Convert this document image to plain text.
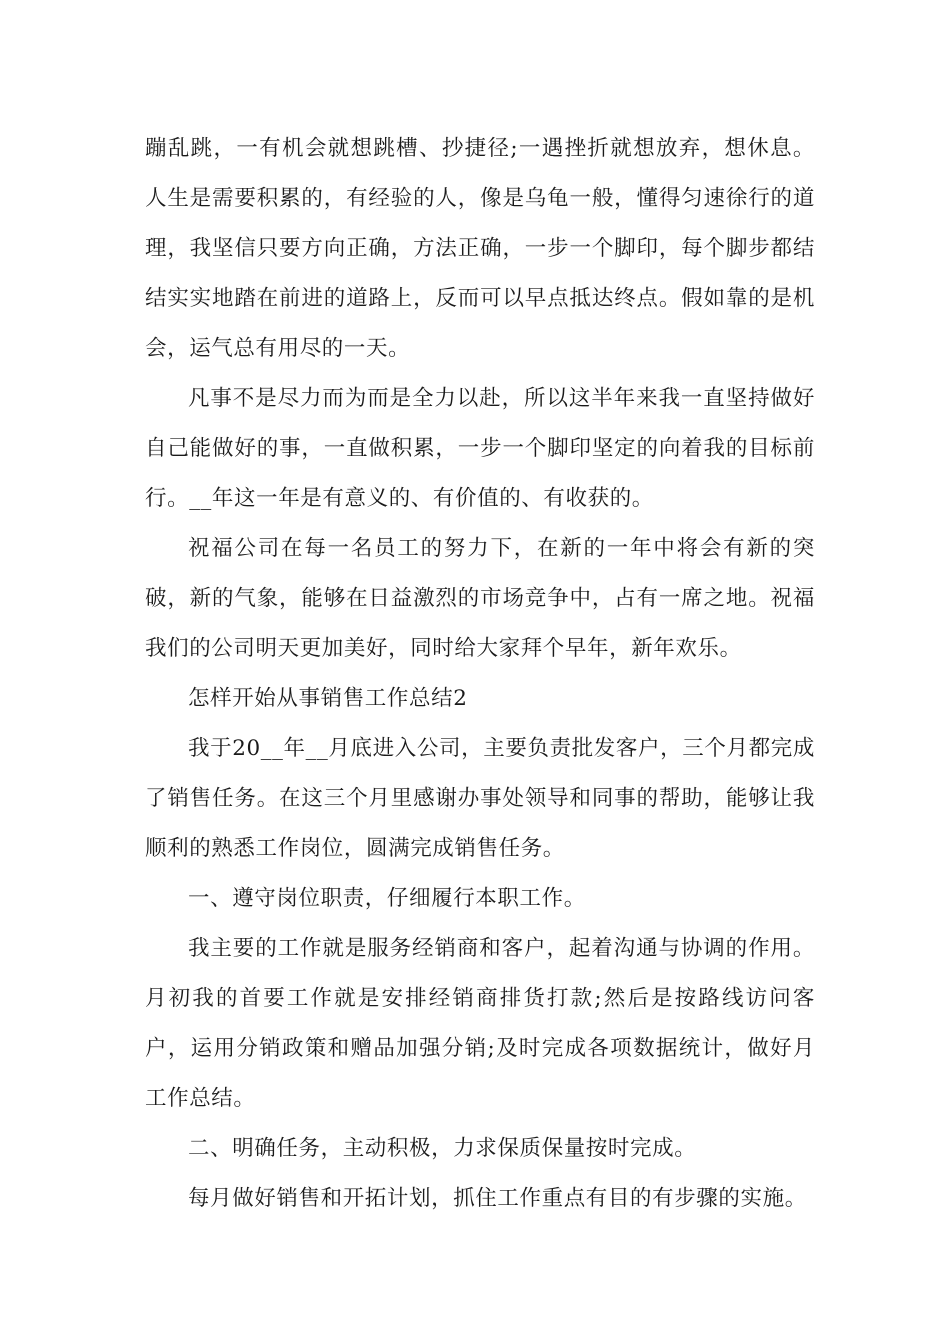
蹦乱跳，一有机会就想跳槽、抄捷径;一遇挫折就想放弃，想休息。人生是需要积累的，有经验的人，像是乌龟一般，懂得匀速徐行的道理，我坚信只要方向正确，方法正确，一步一个脚印，每个脚步都结结实实地踏在前进的道路上，反而可以早点抵达终点。假如靠的是机会，运气总有用尽的一天。

凡事不是尽力而为而是全力以赴，所以这半年来我一直坚持做好自己能做好的事，一直做积累，一步一个脚印坚定的向着我的目标前行。__年这一年是有意义的、有价值的、有收获的。

祝福公司在每一名员工的努力下，在新的一年中将会有新的突破，新的气象，能够在日益激烈的市场竞争中，占有一席之地。祝福我们的公司明天更加美好，同时给大家拜个早年，新年欢乐。

怎样开始从事销售工作总结2

我于20__年__月底进入公司，主要负责批发客户，三个月都完成了销售任务。在这三个月里感谢办事处领导和同事的帮助，能够让我顺利的熟悉工作岗位，圆满完成销售任务。

一、遵守岗位职责，仔细履行本职工作。

我主要的工作就是服务经销商和客户，起着沟通与协调的作用。月初我的首要工作就是安排经销商排货打款;然后是按路线访问客户，运用分销政策和赠品加强分销;及时完成各项数据统计，做好月工作总结。

二、明确任务，主动积极，力求保质保量按时完成。

每月做好销售和开拓计划，抓住工作重点有目的有步骤的实施。
